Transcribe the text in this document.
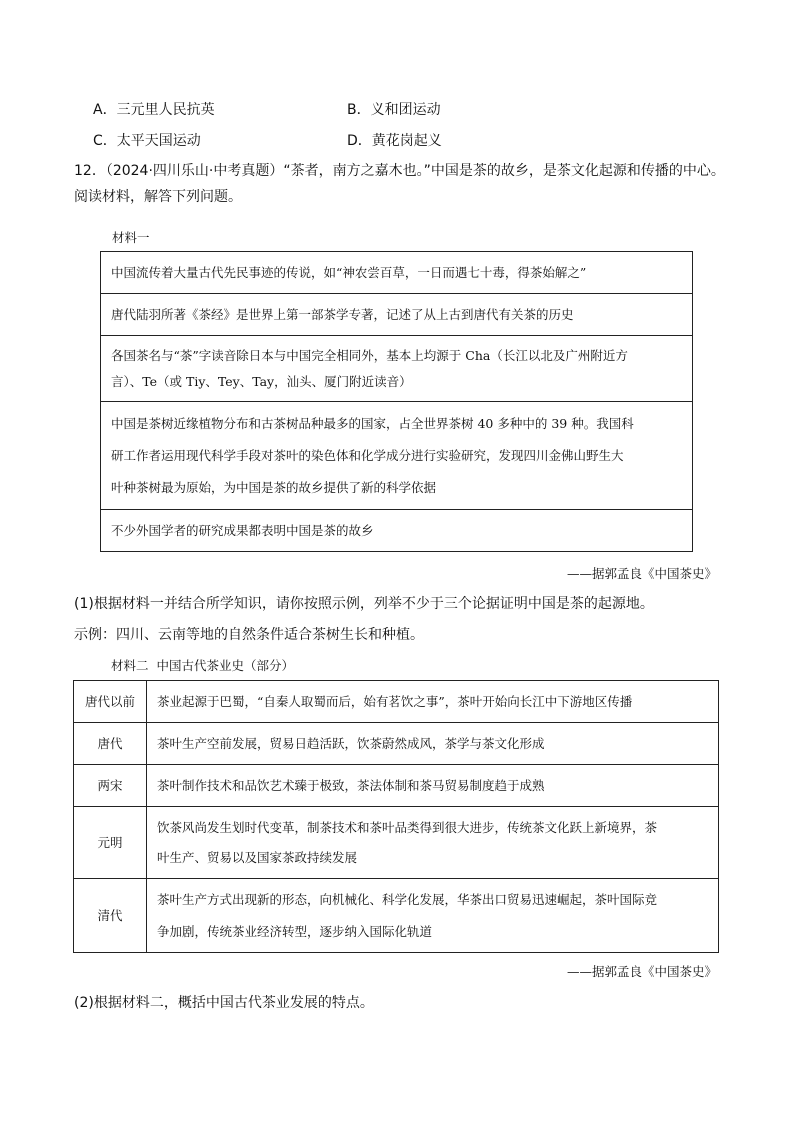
A．三元里人民抗英	B．义和团运动
C．太平天国运动	D．黄花岗起义
12．（2024·四川乐山·中考真题）“茶者，南方之嘉木也。”中国是茶的故乡，是茶文化起源和传播的中心。
阅读材料，解答下列问题。
材料一
中国流传着大量古代先民事迹的传说，如“神农尝百草，一日而遇七十毒，得茶始解之”

唐代陆羽所著《茶经》是世界上第一部茶学专著，记述了从上古到唐代有关茶的历史

各国茶名与“茶”字读音除日本与中国完全相同外，基本上均源于 Cha（长江以北及广州附近方
言）、Te（或 Tiy、Tey、Tay，汕头、厦门附近读音）

中国是茶树近缘植物分布和古茶树品种最多的国家，占全世界茶树 40 多种中的 39 种。我国科
研工作者运用现代科学手段对茶叶的染色体和化学成分进行实验研究，发现四川金佛山野生大
叶种茶树最为原始，为中国是茶的故乡提供了新的科学依据

不少外国学者的研究成果都表明中国是茶的故乡
——据郭孟良《中国茶史》
(1)根据材料一并结合所学知识，请你按照示例，列举不少于三个论据证明中国是茶的起源地。
示例：四川、云南等地的自然条件适合茶树生长和种植。
材料二  中国古代茶业史（部分）
唐代以前	茶业起源于巴蜀，“自秦人取蜀而后，始有茗饮之事”，茶叶开始向长江中下游地区传播

唐代	茶叶生产空前发展，贸易日趋活跃，饮茶蔚然成风，茶学与茶文化形成

两宋	茶叶制作技术和品饮艺术臻于极致，茶法体制和茶马贸易制度趋于成熟

元明	饮茶风尚发生划时代变革，制茶技术和茶叶品类得到很大进步，传统茶文化跃上新境界，茶
叶生产、贸易以及国家茶政持续发展

清代	茶叶生产方式出现新的形态，向机械化、科学化发展，华茶出口贸易迅速崛起，茶叶国际竞
争加剧，传统茶业经济转型，逐步纳入国际化轨道
——据郭孟良《中国茶史》
(2)根据材料二，概括中国古代茶业发展的特点。
